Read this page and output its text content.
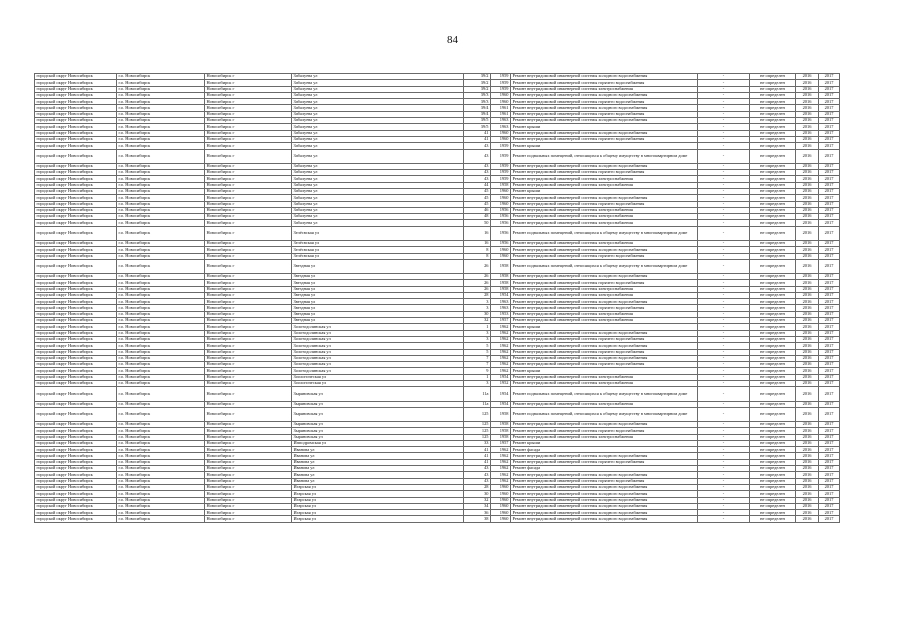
84
городской округ Новосибирск	г.о. Новосибирск	Новосибирск г	Забалуева ул	39/2	1959	Ремонт внутридомовой инженерной системы холодного водоснабжения	-	не определен	2016	2017
городской округ Новосибирск	г.о. Новосибирск	Новосибирск г	Забалуева ул	39/2	1959	Ремонт внутридомовой инженерной системы горячего водоснабжения	-	не определен	2016	2017
городской округ Новосибирск	г.о. Новосибирск	Новосибирск г	Забалуева ул	39/2	1959	Ремонт внутридомовой инженерной системы электроснабжения	-	не определен	2016	2017
городской округ Новосибирск	г.о. Новосибирск	Новосибирск г	Забалуева ул	39/3	1960	Ремонт внутридомовой инженерной системы холодного водоснабжения	-	не определен	2016	2017
городской округ Новосибирск	г.о. Новосибирск	Новосибирск г	Забалуева ул	39/3	1960	Ремонт внутридомовой инженерной системы горячего водоснабжения	-	не определен	2016	2017
городской округ Новосибирск	г.о. Новосибирск	Новосибирск г	Забалуева ул	39/4	1961	Ремонт внутридомовой инженерной системы холодного водоснабжения	-	не определен	2016	2017
городской округ Новосибирск	г.о. Новосибирск	Новосибирск г	Забалуева ул	39/4	1961	Ремонт внутридомовой инженерной системы горячего водоснабжения	-	не определен	2016	2017
городской округ Новосибирск	г.о. Новосибирск	Новосибирск г	Забалуева ул	39/5	1963	Ремонт внутридомовой инженерной системы холодного водоснабжения	-	не определен	2016	2017
городской округ Новосибирск	г.о. Новосибирск	Новосибирск г	Забалуева ул	39/5	1963	Ремонт крыши	-	не определен	2016	2017
городской округ Новосибирск	г.о. Новосибирск	Новосибирск г	Забалуева ул	41	1960	Ремонт внутридомовой инженерной системы холодного водоснабжения	-	не определен	2016	2017
городской округ Новосибирск	г.о. Новосибирск	Новосибирск г	Забалуева ул	41	1960	Ремонт внутридомовой инженерной системы горячего водоснабжения	-	не определен	2016	2017
городской округ Новосибирск	г.о. Новосибирск	Новосибирск г	Забалуева ул	43	1959	Ремонт крыши	-	не определен	2016	2017
городской округ Новосибирск	г.о. Новосибирск	Новосибирск г	Забалуева ул	43	1959	Ремонт подвальных помещений, относящихся к общему имуществу в многоквартирном доме	-	не определен	2016	2017
городской округ Новосибирск	г.о. Новосибирск	Новосибирск г	Забалуева ул	43	1959	Ремонт внутридомовой инженерной системы холодного водоснабжения	-	не определен	2016	2017
городской округ Новосибирск	г.о. Новосибирск	Новосибирск г	Забалуева ул	43	1959	Ремонт внутридомовой инженерной системы горячего водоснабжения	-	не определен	2016	2017
городской округ Новосибирск	г.о. Новосибирск	Новосибирск г	Забалуева ул	43	1959	Ремонт внутридомовой инженерной системы электроснабжения	-	не определен	2016	2017
городской округ Новосибирск	г.о. Новосибирск	Новосибирск г	Забалуева ул	44	1958	Ремонт внутридомовой инженерной системы электроснабжения	-	не определен	2016	2017
городской округ Новосибирск	г.о. Новосибирск	Новосибирск г	Забалуева ул	45	1960	Ремонт крыши	-	не определен	2016	2017
городской округ Новосибирск	г.о. Новосибирск	Новосибирск г	Забалуева ул	45	1960	Ремонт внутридомовой инженерной системы холодного водоснабжения	-	не определен	2016	2017
городской округ Новосибирск	г.о. Новосибирск	Новосибирск г	Забалуева ул	45	1960	Ремонт внутридомовой инженерной системы горячего водоснабжения	-	не определен	2016	2017
городской округ Новосибирск	г.о. Новосибирск	Новосибирск г	Забалуева ул	46	1956	Ремонт внутридомовой инженерной системы электроснабжения	-	не определен	2016	2017
городской округ Новосибирск	г.о. Новосибирск	Новосибирск г	Забалуева ул	48	1956	Ремонт внутридомовой инженерной системы электроснабжения	-	не определен	2016	2017
городской округ Новосибирск	г.о. Новосибирск	Новосибирск г	Забалуева ул	50	1956	Ремонт внутридомовой инженерной системы электроснабжения	-	не определен	2016	2017
городской округ Новосибирск	г.о. Новосибирск	Новосибирск г	Зелёсвская ул	16	1956	Ремонт подвальных помещений, относящихся к общему имуществу в многоквартирном доме	-	не определен	2016	2017
городской округ Новосибирск	г.о. Новосибирск	Новосибирск г	Зелёсвская ул	16	1956	Ремонт внутридомовой инженерной системы электроснабжения	-	не определен	2016	2017
городской округ Новосибирск	г.о. Новосибирск	Новосибирск г	Зелёсвская ул	8	1960	Ремонт внутридомовой инженерной системы холодного водоснабжения	-	не определен	2016	2017
городской округ Новосибирск	г.о. Новосибирск	Новосибирск г	Зелёсвская ул	8	1960	Ремонт внутридомовой инженерной системы горячего водоснабжения	-	не определен	2016	2017
городской округ Новосибирск	г.о. Новосибирск	Новосибирск г	Звездная ул	26	1958	Ремонт подвальных помещений, относящихся к общему имуществу в многоквартирном доме	-	не определен	2016	2017
городской округ Новосибирск	г.о. Новосибирск	Новосибирск г	Звездная ул	26	1958	Ремонт внутридомовой инженерной системы холодного водоснабжения	-	не определен	2016	2017
городской округ Новосибирск	г.о. Новосибирск	Новосибирск г	Звездная ул	26	1958	Ремонт внутридомовой инженерной системы горячего водоснабжения	-	не определен	2016	2017
городской округ Новосибирск	г.о. Новосибирск	Новосибирск г	Звездная ул	26	1958	Ремонт внутридомовой инженерной системы электроснабжения	-	не определен	2016	2017
городской округ Новосибирск	г.о. Новосибирск	Новосибирск г	Звездная ул	28	1954	Ремонт внутридомовой инженерной системы электроснабжения	-	не определен	2016	2017
городской округ Новосибирск	г.о. Новосибирск	Новосибирск г	Звездная ул	3	1963	Ремонт внутридомовой инженерной системы холодного водоснабжения	-	не определен	2016	2017
городской округ Новосибирск	г.о. Новосибирск	Новосибирск г	Звездная ул	3	1963	Ремонт внутридомовой инженерной системы горячего водоснабжения	-	не определен	2016	2017
городской округ Новосибирск	г.о. Новосибирск	Новосибирск г	Звездная ул	30	1953	Ремонт внутридомовой инженерной системы электроснабжения	-	не определен	2016	2017
городской округ Новосибирск	г.о. Новосибирск	Новосибирск г	Звездная ул	32	1957	Ремонт внутридомовой инженерной системы электроснабжения	-	не определен	2016	2017
городской округ Новосибирск	г.о. Новосибирск	Новосибирск г	Золотодолинская ул	1	1962	Ремонт крыши	-	не определен	2016	2017
городской округ Новосибирск	г.о. Новосибирск	Новосибирск г	Золотодолинская ул	3	1962	Ремонт внутридомовой инженерной системы холодного водоснабжения	-	не определен	2016	2017
городской округ Новосибирск	г.о. Новосибирск	Новосибирск г	Золотодолинская ул	3	1962	Ремонт внутридомовой инженерной системы горячего водоснабжения	-	не определен	2016	2017
городской округ Новосибирск	г.о. Новосибирск	Новосибирск г	Золотодолинская ул	5	1962	Ремонт внутридомовой инженерной системы холодного водоснабжения	-	не определен	2016	2017
городской округ Новосибирск	г.о. Новосибирск	Новосибирск г	Золотодолинская ул	5	1962	Ремонт внутридомовой инженерной системы горячего водоснабжения	-	не определен	2016	2017
городской округ Новосибирск	г.о. Новосибирск	Новосибирск г	Золотодолинская ул	7	1962	Ремонт внутридомовой инженерной системы холодного водоснабжения	-	не определен	2016	2017
городской округ Новосибирск	г.о. Новосибирск	Новосибирск г	Золотодолинская ул	7	1962	Ремонт внутридомовой инженерной системы горячего водоснабжения	-	не определен	2016	2017
городской округ Новосибирск	г.о. Новосибирск	Новосибирск г	Золотодолинская ул	9	1962	Ремонт крыши	-	не определен	2016	2017
городской округ Новосибирск	г.о. Новосибирск	Новосибирск г	Зоологическая ул	1	1954	Ремонт внутридомовой инженерной системы электроснабжения	-	не определен	2016	2017
городской округ Новосибирск	г.о. Новосибирск	Новосибирск г	Зоологическая ул	3	1952	Ремонт внутридомовой инженерной системы электроснабжения	-	не определен	2016	2017
городской округ Новосибирск	г.о. Новосибирск	Новосибирск г	Зыряновская ул	11а	1954	Ремонт подвальных помещений, относящихся к общему имуществу в многоквартирном доме	-	не определен	2016	2017
городской округ Новосибирск	г.о. Новосибирск	Новосибирск г	Зыряновская ул	11а	1954	Ремонт внутридомовой инженерной системы электроснабжения	-	не определен	2016	2017
городской округ Новосибирск	г.о. Новосибирск	Новосибирск г	Зыряновская ул	125	1958	Ремонт подвальных помещений, относящихся к общему имуществу в многоквартирном доме	-	не определен	2016	2017
городской округ Новосибирск	г.о. Новосибирск	Новосибирск г	Зыряновская ул	125	1958	Ремонт внутридомовой инженерной системы холодного водоснабжения	-	не определен	2016	2017
городской округ Новосибирск	г.о. Новосибирск	Новосибирск г	Зыряновская ул	125	1958	Ремонт внутридомовой инженерной системы горячего водоснабжения	-	не определен	2016	2017
городской округ Новосибирск	г.о. Новосибирск	Новосибирск г	Зыряновская ул	125	1958	Ремонт внутридомовой инженерной системы электроснабжения	-	не определен	2016	2017
городской округ Новосибирск	г.о. Новосибирск	Новосибирск г	Ипподромская ул	33	1957	Ремонт крыши	-	не определен	2016	2017
городской округ Новосибирск	г.о. Новосибирск	Новосибирск г	Иванова ул	41	1962	Ремонт фасада	-	не определен	2016	2017
городской округ Новосибирск	г.о. Новосибирск	Новосибирск г	Иванова ул	41	1962	Ремонт внутридомовой инженерной системы холодного водоснабжения	-	не определен	2016	2017
городской округ Новосибирск	г.о. Новосибирск	Новосибирск г	Иванова ул	41	1962	Ремонт внутридомовой инженерной системы горячего водоснабжения	-	не определен	2016	2017
городской округ Новосибирск	г.о. Новосибирск	Новосибирск г	Иванова ул	43	1962	Ремонт фасада	-	не определен	2016	2017
городской округ Новосибирск	г.о. Новосибирск	Новосибирск г	Иванова ул	43	1962	Ремонт внутридомовой инженерной системы холодного водоснабжения	-	не определен	2016	2017
городской округ Новосибирск	г.о. Новосибирск	Новосибирск г	Иванова ул	43	1962	Ремонт внутридомовой инженерной системы горячего водоснабжения	-	не определен	2016	2017
городской округ Новосибирск	г.о. Новосибирск	Новосибирск г	Игарская ул	28	1960	Ремонт внутридомовой инженерной системы холодного водоснабжения	-	не определен	2016	2017
городской округ Новосибирск	г.о. Новосибирск	Новосибирск г	Игарская ул	30	1960	Ремонт внутридомовой инженерной системы холодного водоснабжения	-	не определен	2016	2017
городской округ Новосибирск	г.о. Новосибирск	Новосибирск г	Игарская ул	32	1960	Ремонт внутридомовой инженерной системы холодного водоснабжения	-	не определен	2016	2017
городской округ Новосибирск	г.о. Новосибирск	Новосибирск г	Игарская ул	34	1960	Ремонт внутридомовой инженерной системы холодного водоснабжения	-	не определен	2016	2017
городской округ Новосибирск	г.о. Новосибирск	Новосибирск г	Игарская ул	36	1960	Ремонт внутридомовой инженерной системы холодного водоснабжения	-	не определен	2016	2017
городской округ Новосибирск	г.о. Новосибирск	Новосибирск г	Игарская ул	38	1960	Ремонт внутридомовой инженерной системы холодного водоснабжения	-	не определен	2016	2017
